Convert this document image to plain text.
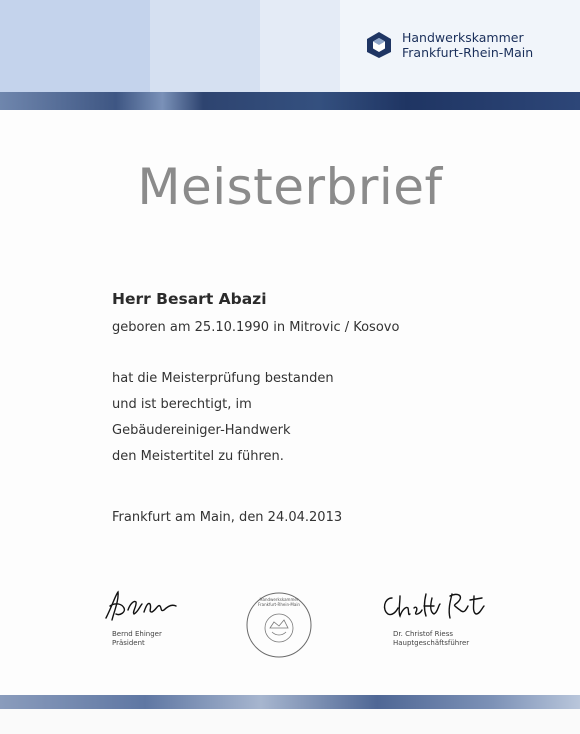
Handwerkskammer
Frankfurt-Rhein-Main
Meisterbrief
Herr Besart Abazi
geboren am 25.10.1990 in Mitrovic / Kosovo
hat die Meisterprüfung bestanden
und ist berechtigt, im
Gebäudereiniger-Handwerk
den Meistertitel zu führen.
Frankfurt am Main, den 24.04.2013
Bernd Ehinger
Präsident
Handwerkskammer
Frankfurt-Rhein-Main
Dr. Christof Riess
Hauptgeschäftsführer
